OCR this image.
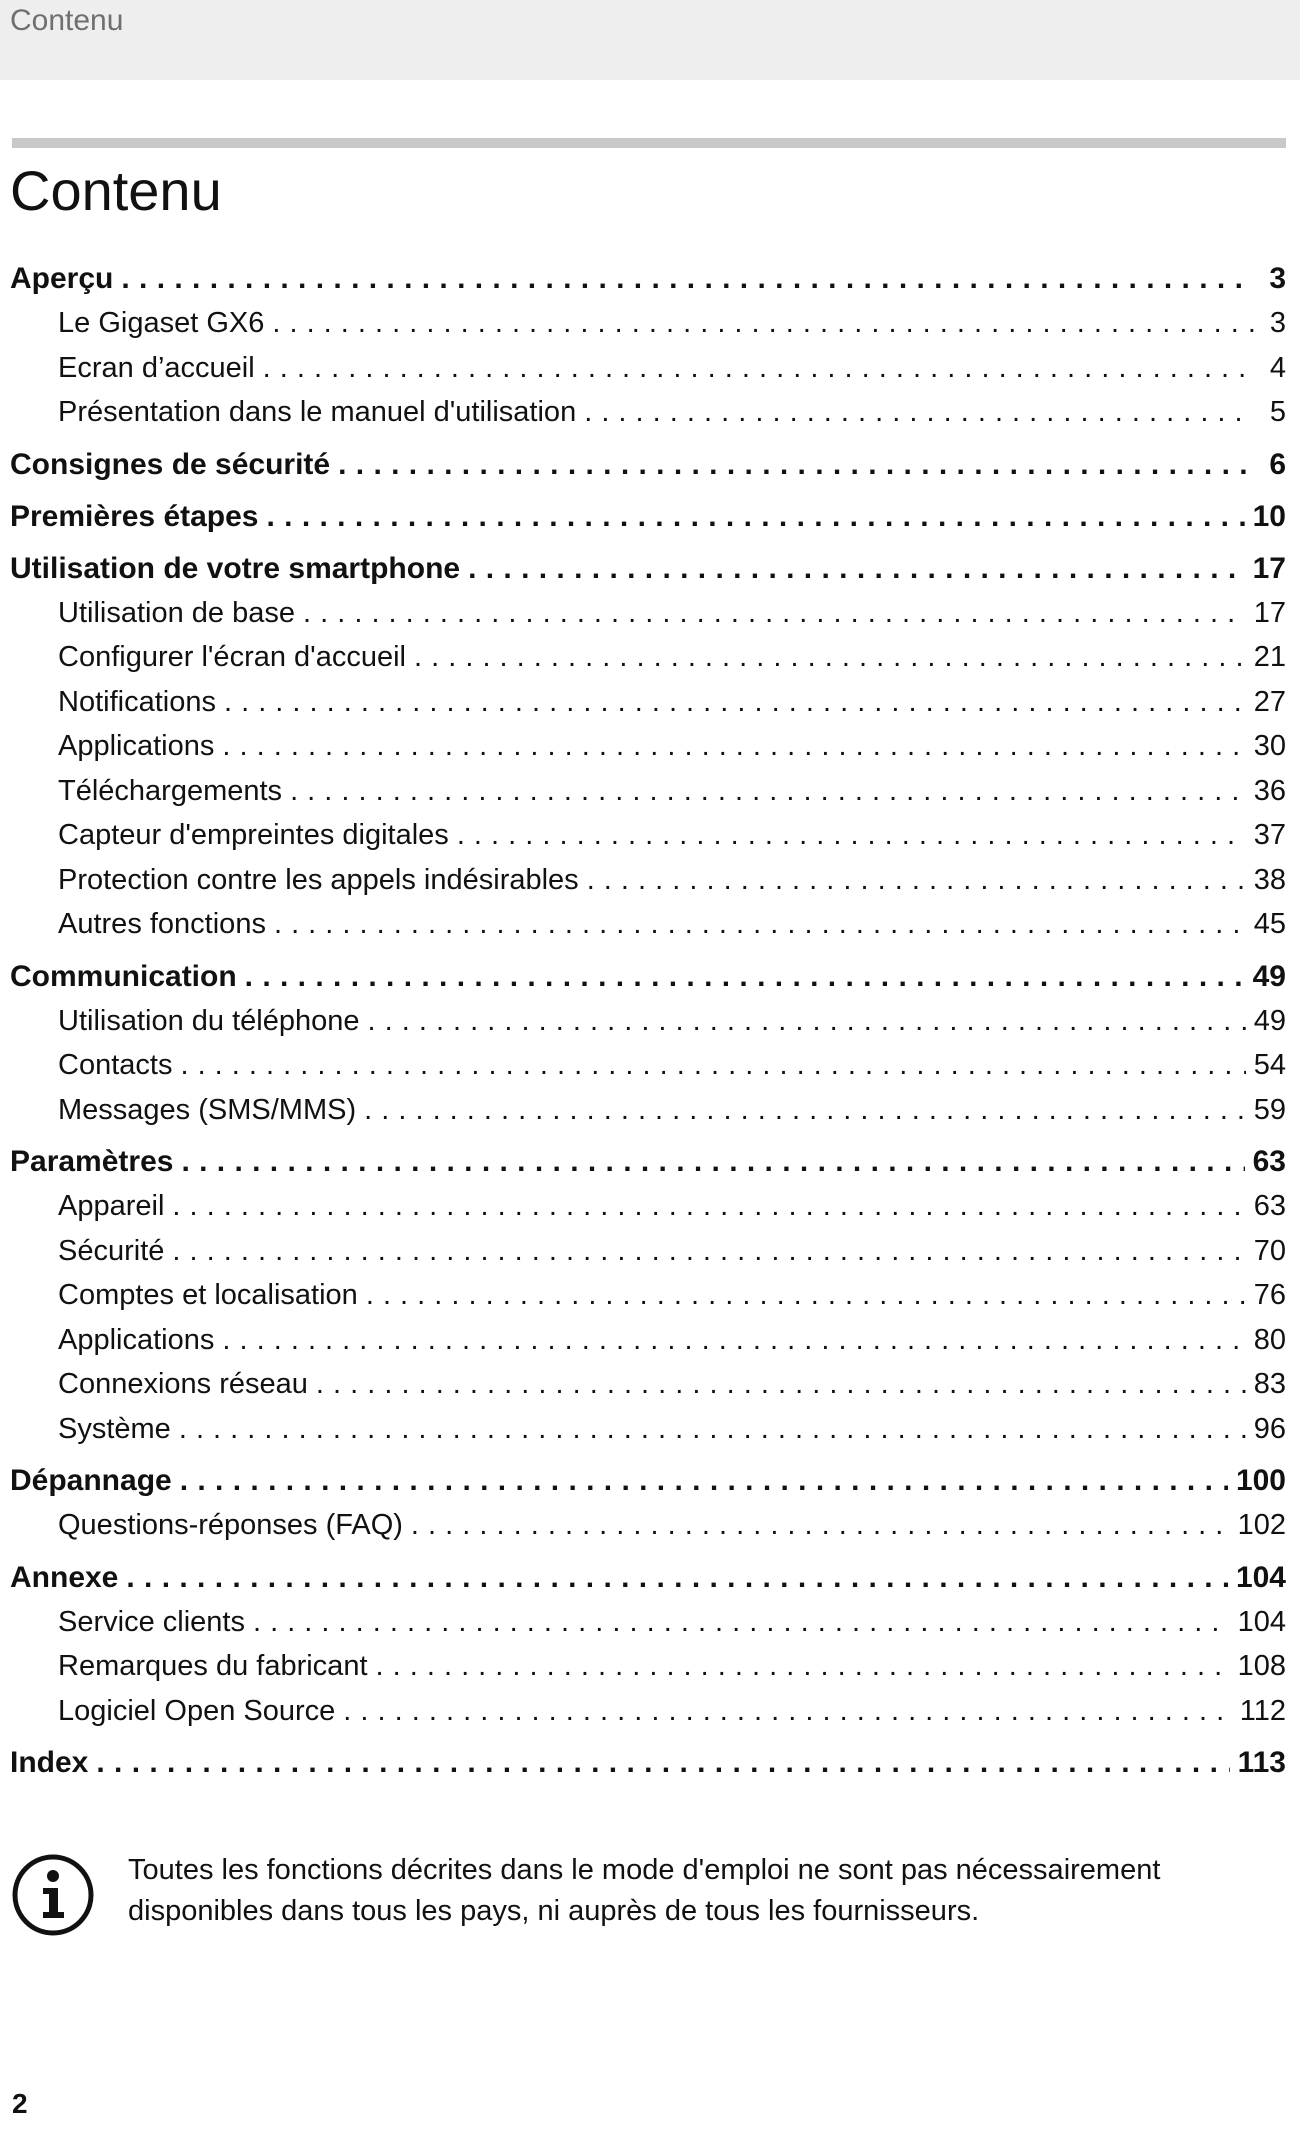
Contenu
Contenu
Aperçu . . .	3
Le Gigaset GX6 . . .	3
Ecran d’accueil . . .	4
Présentation dans le manuel d'utilisation . . .	5
Consignes de sécurité . . .	6
Premières étapes . . .	10
Utilisation de votre smartphone . . .	17
Utilisation de base . . .	17
Configurer l'écran d'accueil . . .	21
Notifications . . .	27
Applications . . .	30
Téléchargements . . .	36
Capteur d'empreintes digitales . . .	37
Protection contre les appels indésirables . . .	38
Autres fonctions . . .	45
Communication . . .	49
Utilisation du téléphone . . .	49
Contacts . . .	54
Messages (SMS/MMS) . . .	59
Paramètres . . .	63
Appareil . . .	63
Sécurité . . .	70
Comptes et localisation . . .	76
Applications . . .	80
Connexions réseau . . .	83
Système . . .	96
Dépannage . . .	100
Questions-réponses (FAQ) . . .	102
Annexe . . .	104
Service clients . . .	104
Remarques du fabricant . . .	108
Logiciel Open Source . . .	112
Index . . .	113
Toutes les fonctions décrites dans le mode d'emploi ne sont pas nécessairement
disponibles dans tous les pays, ni auprès de tous les fournisseurs.
2
